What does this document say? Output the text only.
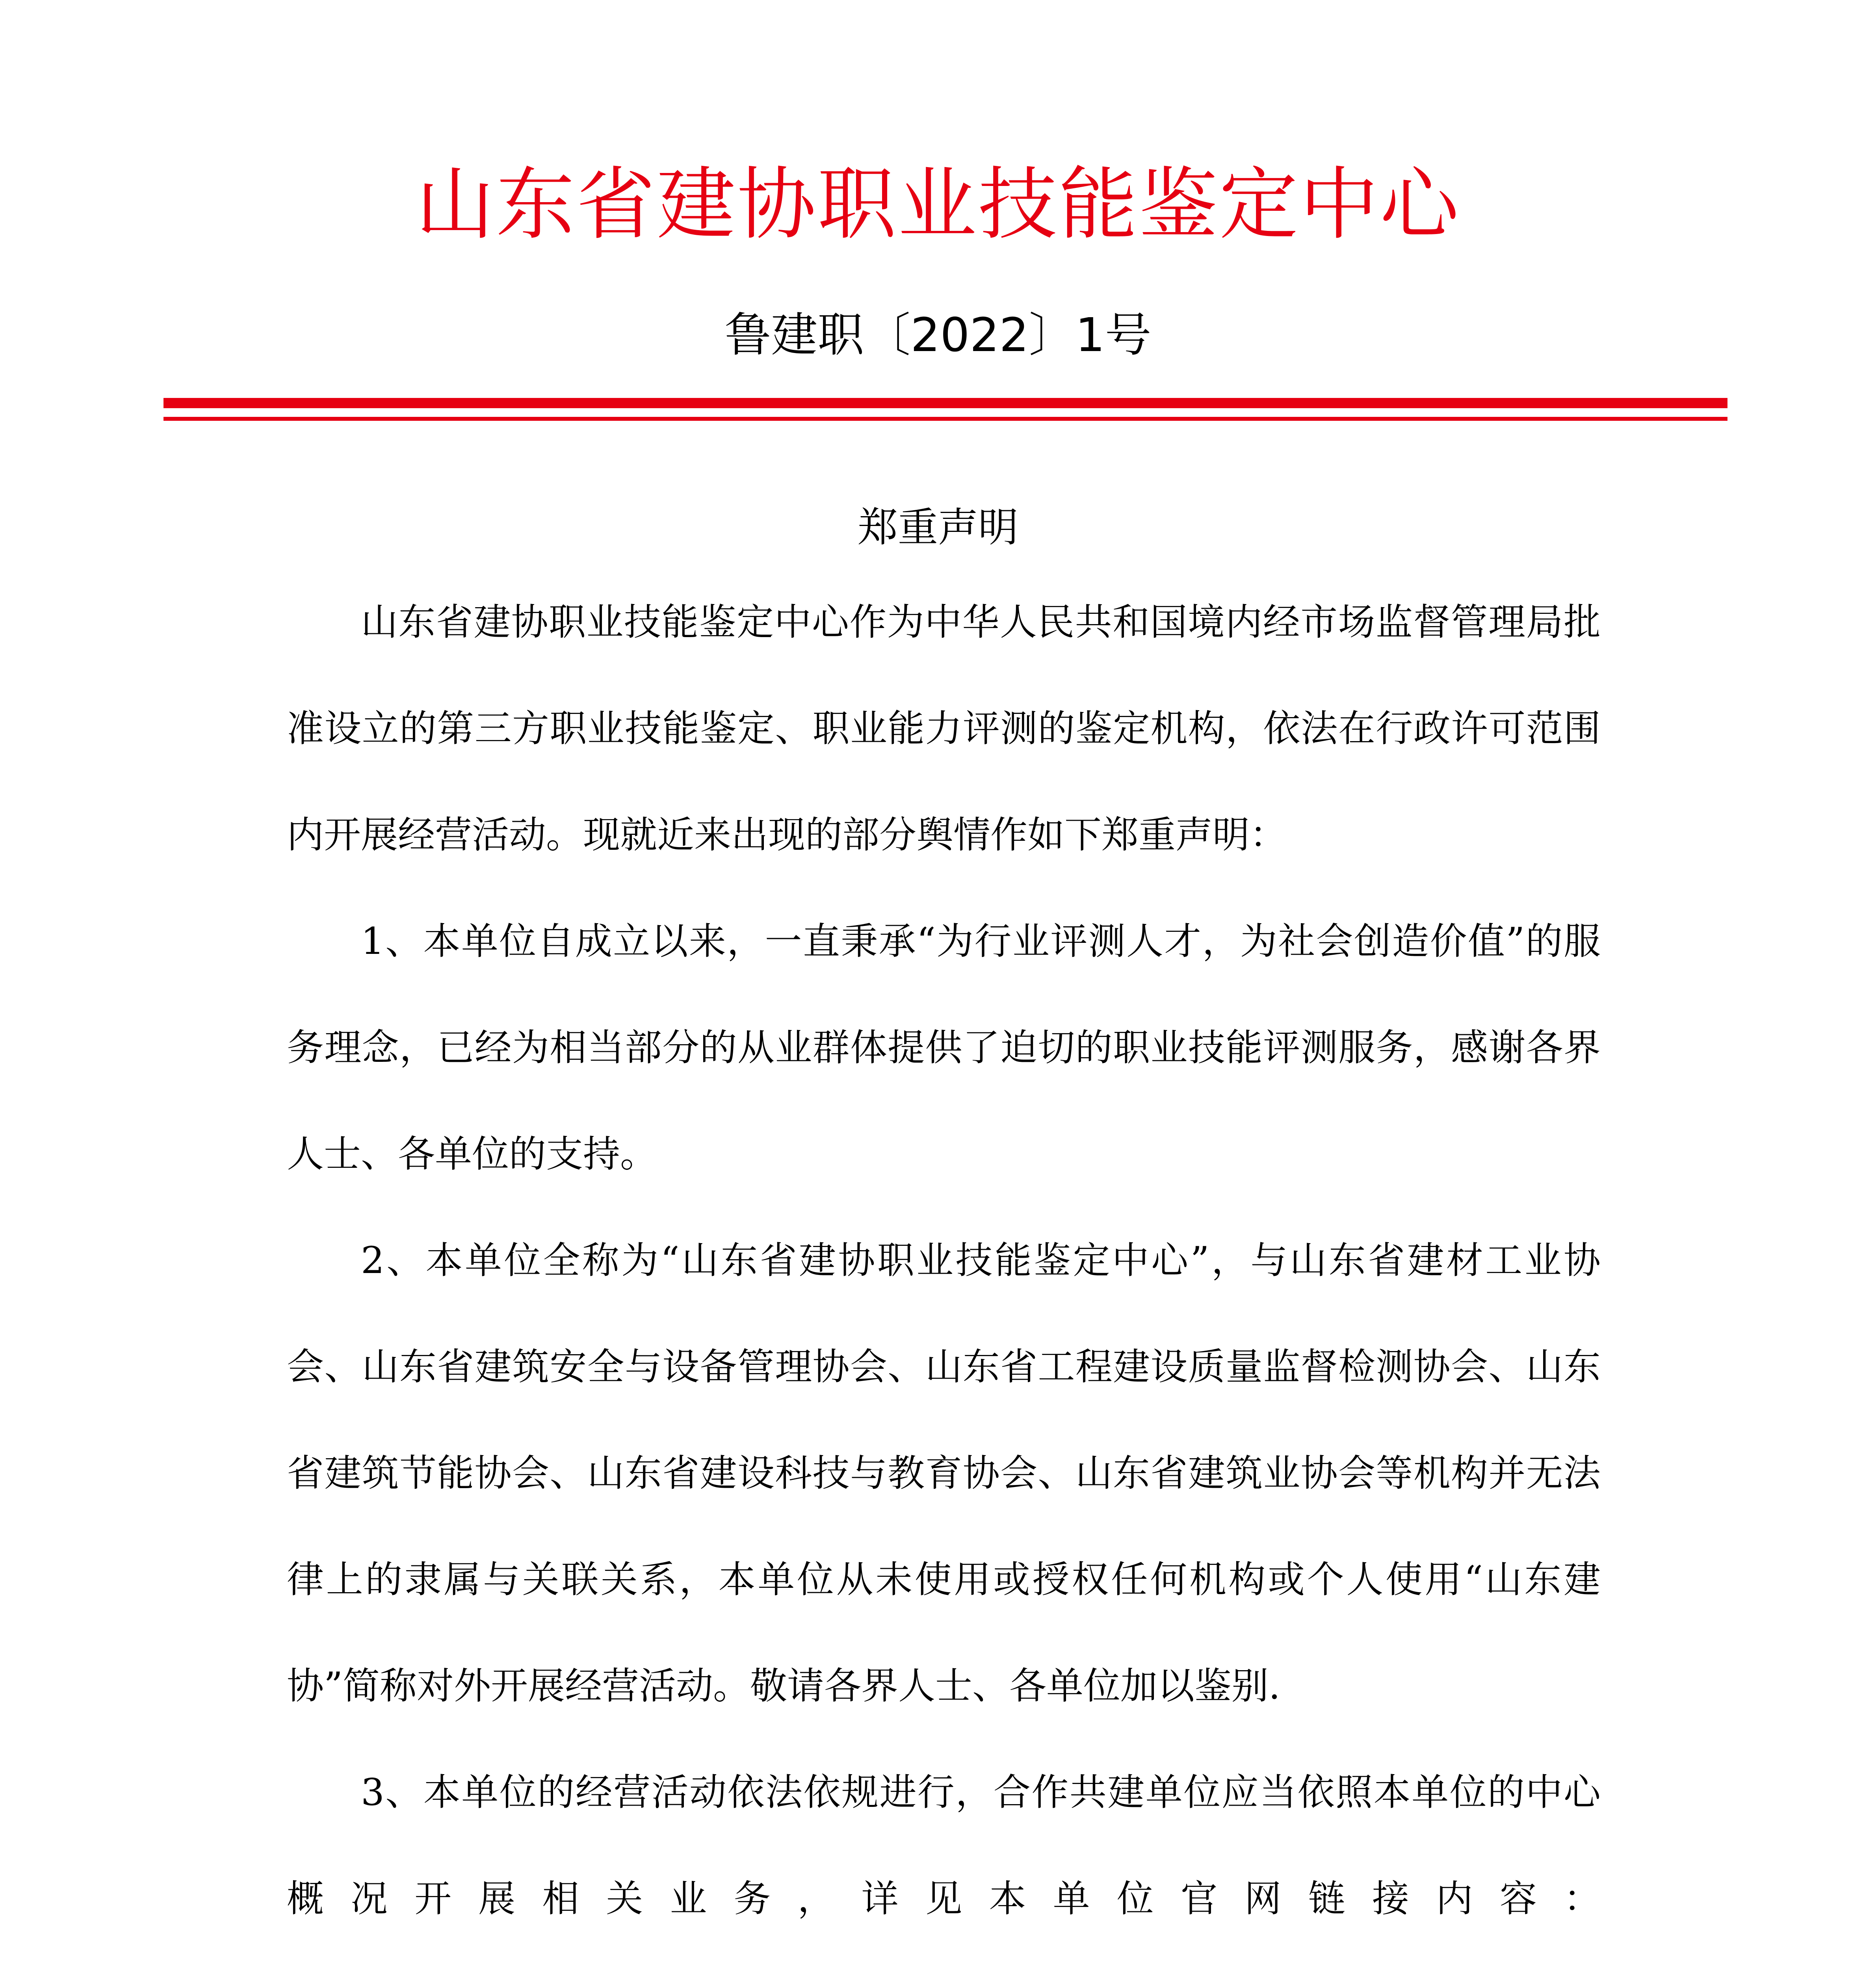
山东省建协职业技能鉴定中心
鲁建职〔2022〕1号
郑重声明

山东省建协职业技能鉴定中心作为中华人民共和国境内经市场监督管理局批准设立的第三方职业技能鉴定、职业能力评测的鉴定机构，依法在行政许可范围内开展经营活动。现就近来出现的部分舆情作如下郑重声明：

1、本单位自成立以来，一直秉承“为行业评测人才，为社会创造价值”的服务理念，已经为相当部分的从业群体提供了迫切的职业技能评测服务，感谢各界人士、各单位的支持。

2、本单位全称为“山东省建协职业技能鉴定中心”，与山东省建材工业协会、山东省建筑安全与设备管理协会、山东省工程建设质量监督检测协会、山东省建筑节能协会、山东省建设科技与教育协会、山东省建筑业协会等机构并无法律上的隶属与关联关系，本单位从未使用或授权任何机构或个人使用“山东建协”简称对外开展经营活动。敬请各界人士、各单位加以鉴别.

3、本单位的经营活动依法依规进行，合作共建单位应当依照本单位的中心概况开展相关业务，详见本单位官网链接内容：
